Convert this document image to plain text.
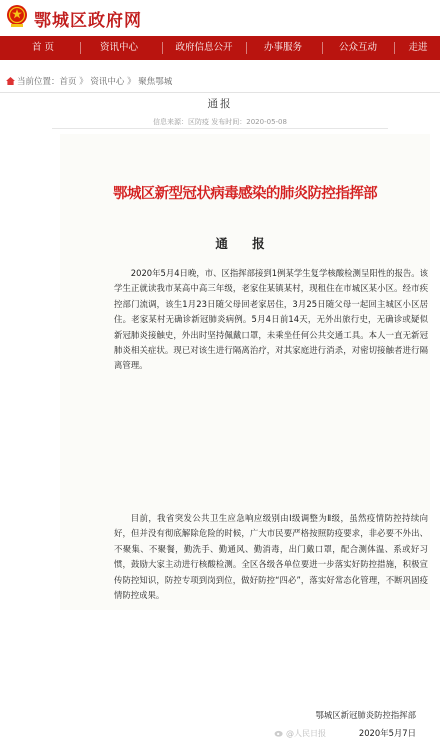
鄂城区政府网
首 页	资讯中心	政府信息公开	办事服务	公众互动	走进
当前位置：首页 》 资讯中心 》 聚焦鄂城
通报
信息来源：区防疫 发布时间：2020-05-08
鄂城区新型冠状病毒感染的肺炎防控指挥部
通 报
2020年5月4日晚，市、区指挥部接到1例某学生复学核酸检测呈阳性的报告。该学生正就读我市某高中高三年级，老家住某镇某村，现租住在市城区某小区。经市疾控部门流调，该生1月23日随父母回老家居住，3月25日随父母一起回主城区小区居住。老家某村无确诊新冠肺炎病例。5月4日前14天，无外出旅行史，无确诊或疑似新冠肺炎接触史，外出时坚持佩戴口罩，未乘坐任何公共交通工具。本人一直无新冠肺炎相关症状。现已对该生进行隔离治疗，对其家庭进行消杀，对密切接触者进行隔离管理。
目前，我省突发公共卫生应急响应级别由Ⅰ级调整为Ⅱ级，虽然疫情防控持续向好，但并没有彻底解除危险的时候，广大市民要严格按照防疫要求，非必要不外出、不聚集、不聚餐，勤洗手、勤通风、勤消毒，出门戴口罩，配合测体温、系或好习惯，鼓励大家主动进行核酸检测。全区各级各单位要进一步落实好防控措施，积极宣传防控知识，防控专项到岗到位，做好防控“四必”，落实好常态化管理，不断巩固疫情防控成果。
鄂城区新冠肺炎防控指挥部
2020年5月7日
@人民日报
